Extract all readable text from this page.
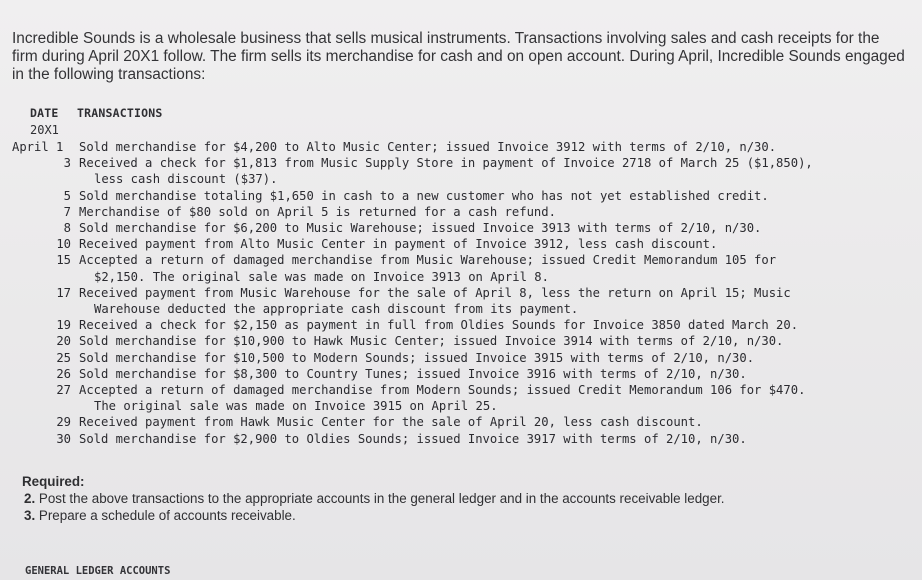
Incredible Sounds is a wholesale business that sells musical instruments. Transactions involving sales and cash receipts for the firm during April 20X1 follow. The firm sells its merchandise for cash and on open account. During April, Incredible Sounds engaged in the following transactions:
DATE TRANSACTIONS
20X1
April 1	Sold merchandise for $4,200 to Alto Music Center; issued Invoice 3912 with terms of 2/10, n/30.
3 Received a check for $1,813 from Music Supply Store in payment of Invoice 2718 of March 25 ($1,850),
less cash discount ($37).
5 Sold merchandise totaling $1,650 in cash to a new customer who has not yet established credit.
7 Merchandise of $80 sold on April 5 is returned for a cash refund.
8 Sold merchandise for $6,200 to Music Warehouse; issued Invoice 3913 with terms of 2/10, n/30.
10 Received payment from Alto Music Center in payment of Invoice 3912, less cash discount.
15 Accepted a return of damaged merchandise from Music Warehouse; issued Credit Memorandum 105 for
$2,150. The original sale was made on Invoice 3913 on April 8.
17 Received payment from Music Warehouse for the sale of April 8, less the return on April 15; Music
Warehouse deducted the appropriate cash discount from its payment.
19 Received a check for $2,150 as payment in full from Oldies Sounds for Invoice 3850 dated March 20.
20 Sold merchandise for $10,900 to Hawk Music Center; issued Invoice 3914 with terms of 2/10, n/30.
25 Sold merchandise for $10,500 to Modern Sounds; issued Invoice 3915 with terms of 2/10, n/30.
26 Sold merchandise for $8,300 to Country Tunes; issued Invoice 3916 with terms of 2/10, n/30.
27 Accepted a return of damaged merchandise from Modern Sounds; issued Credit Memorandum 106 for $470.
The original sale was made on Invoice 3915 on April 25.
29 Received payment from Hawk Music Center for the sale of April 20, less cash discount.
30 Sold merchandise for $2,900 to Oldies Sounds; issued Invoice 3917 with terms of 2/10, n/30.
Required:
2. Post the above transactions to the appropriate accounts in the general ledger and in the accounts receivable ledger.
3. Prepare a schedule of accounts receivable.
GENERAL LEDGER ACCOUNTS
